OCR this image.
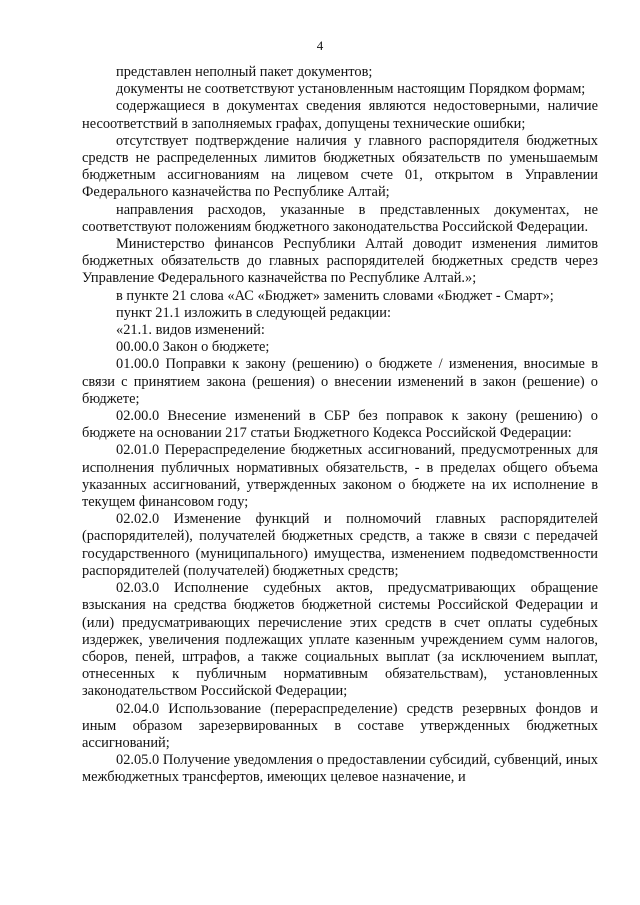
4

представлен неполный пакет документов;

документы не соответствуют установленным настоящим Порядком формам;

содержащиеся в документах сведения являются недостоверными, наличие несоответствий в заполняемых графах, допущены технические ошибки;

отсутствует подтверждение наличия у главного распорядителя бюджетных средств не распределенных лимитов бюджетных обязательств по уменьшаемым бюджетным ассигнованиям на лицевом счете 01, открытом в Управлении Федерального казначейства по Республике Алтай;

направления расходов, указанные в представленных документах, не соответствуют положениям бюджетного законодательства Российской Федерации.

Министерство финансов Республики Алтай доводит изменения лимитов бюджетных обязательств до главных распорядителей бюджетных средств через Управление Федерального казначейства по Республике Алтай.»;

в пункте 21 слова «АС «Бюджет» заменить словами «Бюджет - Смарт»;

пункт 21.1 изложить в следующей редакции:

«21.1. видов изменений:

00.00.0 Закон о бюджете;

01.00.0 Поправки к закону (решению) о бюджете / изменения, вносимые в связи с принятием закона (решения) о внесении изменений в закон (решение) о бюджете;

02.00.0 Внесение изменений в СБР без поправок к закону (решению) о бюджете на основании 217 статьи Бюджетного Кодекса Российской Федерации:

02.01.0 Перераспределение бюджетных ассигнований, предусмотренных для исполнения публичных нормативных обязательств, - в пределах общего объема указанных ассигнований, утвержденных законом о бюджете на их исполнение в текущем финансовом году;

02.02.0 Изменение функций и полномочий главных распорядителей (распорядителей), получателей бюджетных средств, а также в связи с передачей государственного (муниципального) имущества, изменением подведомственности распорядителей (получателей) бюджетных средств;

02.03.0 Исполнение судебных актов, предусматривающих обращение взыскания на средства бюджетов бюджетной системы Российской Федерации и (или) предусматривающих перечисление этих средств в счет оплаты судебных издержек, увеличения подлежащих уплате казенным учреждением сумм налогов, сборов, пеней, штрафов, а также социальных выплат (за исключением выплат, отнесенных к публичным нормативным обязательствам), установленных законодательством Российской Федерации;

02.04.0 Использование (перераспределение) средств резервных фондов и иным образом зарезервированных в составе утвержденных бюджетных ассигнований;

02.05.0 Получение уведомления о предоставлении субсидий, субвенций, иных межбюджетных трансфертов, имеющих целевое назначение, и
